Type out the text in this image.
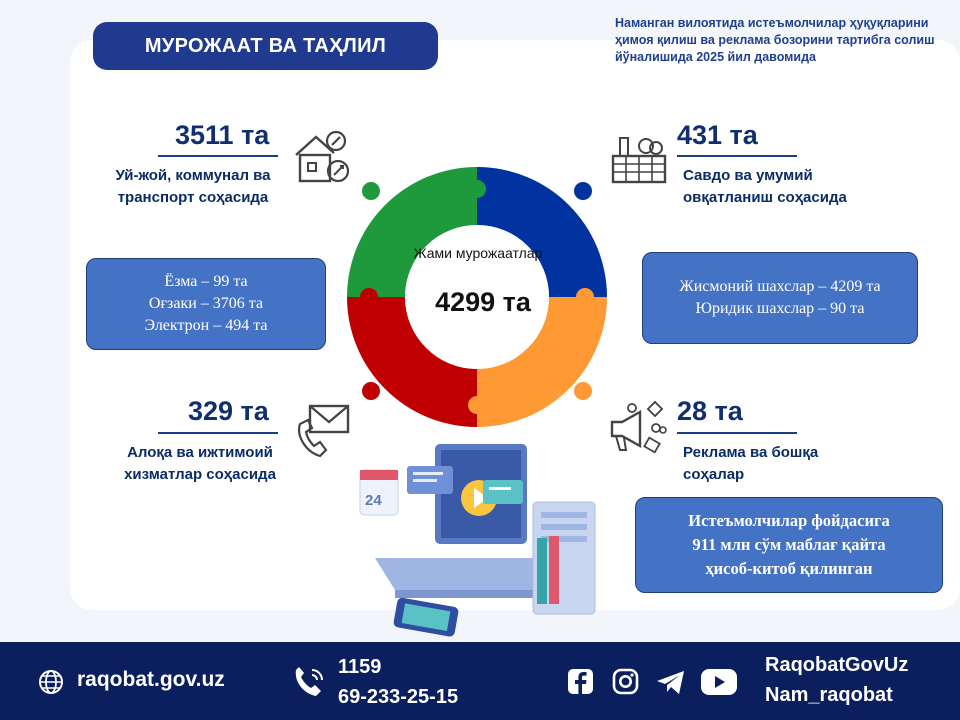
МУРОЖААТ ВА ТАҲЛИЛ
Наманган вилоятида истеъмолчилар ҳуқуқларини ҳимоя қилиш ва реклама бозорини тартибга солиш йўналишида 2025 йил давомида
3511 та
Уй-жой, коммунал ва
транспорт соҳасида
431 та
Савдо ва умумий
овқатланиш соҳасида
329 та
Алоқа ва ижтимоий
хизматлар соҳасида
28 та
Реклама ва бошқа
соҳалар
Жами мурожаатлар
4299 та
Ёзма – 99 та
Оғзаки – 3706 та
Электрон – 494 та
Жисмоний шахслар – 4209 та
Юридик шахслар – 90 та
Истеъмолчилар фойдасига
911 млн сўм маблағ қайта
ҳисоб-китоб қилинган
24
raqobat.gov.uz
1159
69-233-25-15
RaqobatGovUz
Nam_raqobat
